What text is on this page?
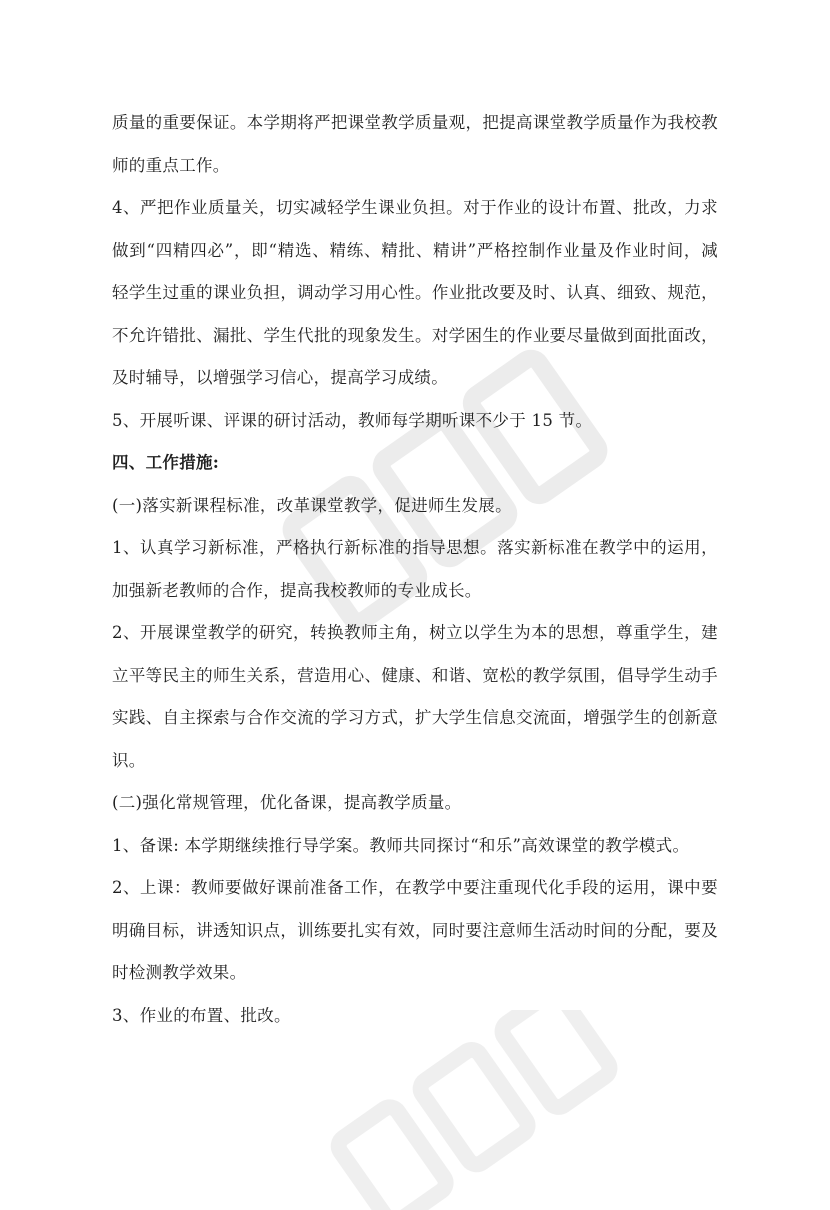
质量的重要保证。本学期将严把课堂教学质量观，把提高课堂教学质量作为我校教师的重点工作。

4、严把作业质量关，切实减轻学生课业负担。对于作业的设计布置、批改，力求做到“四精四必”，即“精选、精练、精批、精讲”严格控制作业量及作业时间，减轻学生过重的课业负担，调动学习用心性。作业批改要及时、认真、细致、规范，不允许错批、漏批、学生代批的现象发生。对学困生的作业要尽量做到面批面改，及时辅导，以增强学习信心，提高学习成绩。

5、开展听课、评课的研讨活动，教师每学期听课不少于 15 节。

四、工作措施:

(一)落实新课程标准，改革课堂教学，促进师生发展。

1、认真学习新标准，严格执行新标准的指导思想。落实新标准在教学中的运用，加强新老教师的合作，提高我校教师的专业成长。

2、开展课堂教学的研究，转换教师主角，树立以学生为本的思想，尊重学生，建立平等民主的师生关系，营造用心、健康、和谐、宽松的教学氛围，倡导学生动手实践、自主探索与合作交流的学习方式，扩大学生信息交流面，增强学生的创新意识。

(二)强化常规管理，优化备课，提高教学质量。

1、备课: 本学期继续推行导学案。教师共同探讨“和乐”高效课堂的教学模式。

2、上课：教师要做好课前准备工作，在教学中要注重现代化手段的运用，课中要明确目标，讲透知识点，训练要扎实有效，同时要注意师生活动时间的分配，要及时检测教学效果。

3、作业的布置、批改。
